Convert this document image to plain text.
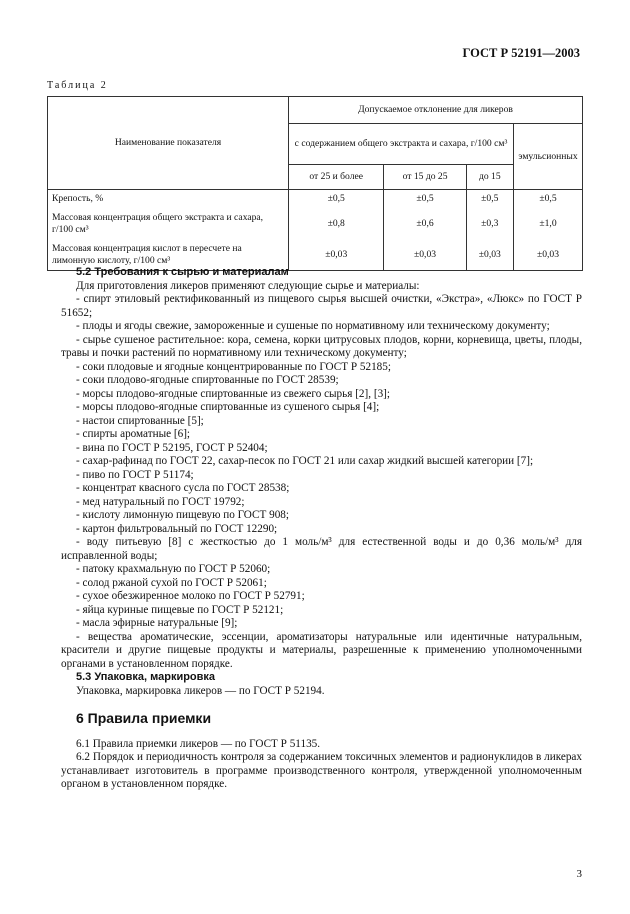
ГОСТ Р 52191—2003
Таблица 2
Наименование показателя	Допускаемое отклонение для ликеров			
	с содержанием общего экстракта и сахара, г/100 см³			эмульсионных
	от 25 и более	от 15 до 25	до 15	
Крепость, %	±0,5	±0,5	±0,5	±0,5
Массовая концентрация общего экстракта и сахара, г/100 см³	±0,8	±0,6	±0,3	±1,0
Массовая концентрация кислот в пересчете на лимонную кислоту, г/100 см³	±0,03	±0,03	±0,03	±0,03

5.2 Требования к сырью и материалам

Для приготовления ликеров применяют следующие сырье и материалы:

- спирт этиловый ректификованный из пищевого сырья высшей очистки, «Экстра», «Люкс» по ГОСТ Р 51652;

- плоды и ягоды свежие, замороженные и сушеные по нормативному или техническому документу;

- сырье сушеное растительное: кора, семена, корки цитрусовых плодов, корни, корневища, цветы, плоды, травы и почки растений по нормативному или техническому документу;

- соки плодовые и ягодные концентрированные по ГОСТ Р 52185;

- соки плодово-ягодные спиртованные по ГОСТ 28539;

- морсы плодово-ягодные спиртованные из свежего сырья [2], [3];

- морсы плодово-ягодные спиртованные из сушеного сырья [4];

- настои спиртованные [5];

- спирты ароматные [6];

- вина по ГОСТ Р 52195, ГОСТ Р 52404;

- сахар-рафинад по ГОСТ 22, сахар-песок по ГОСТ 21 или сахар жидкий высшей категории [7];

- пиво по ГОСТ Р 51174;

- концентрат квасного сусла по ГОСТ 28538;

- мед натуральный по ГОСТ 19792;

- кислоту лимонную пищевую по ГОСТ 908;

- картон фильтровальный по ГОСТ 12290;

- воду питьевую [8] с жесткостью до 1 моль/м³ для естественной воды и до 0,36 моль/м³ для исправленной воды;

- патоку крахмальную по ГОСТ Р 52060;

- солод ржаной сухой по ГОСТ Р 52061;

- сухое обезжиренное молоко по ГОСТ Р 52791;

- яйца куриные пищевые по ГОСТ Р 52121;

- масла эфирные натуральные [9];

- вещества ароматические, эссенции, ароматизаторы натуральные или идентичные натуральным, красители и другие пищевые продукты и материалы, разрешенные к применению уполномоченными органами в установленном порядке.

5.3 Упаковка, маркировка

Упаковка, маркировка ликеров — по ГОСТ Р 52194.

6 Правила приемки

6.1 Правила приемки ликеров — по ГОСТ Р 51135.

6.2 Порядок и периодичность контроля за содержанием токсичных элементов и радионуклидов в ликерах устанавливает изготовитель в программе производственного контроля, утвержденной уполномоченным органом в установленном порядке.

3
